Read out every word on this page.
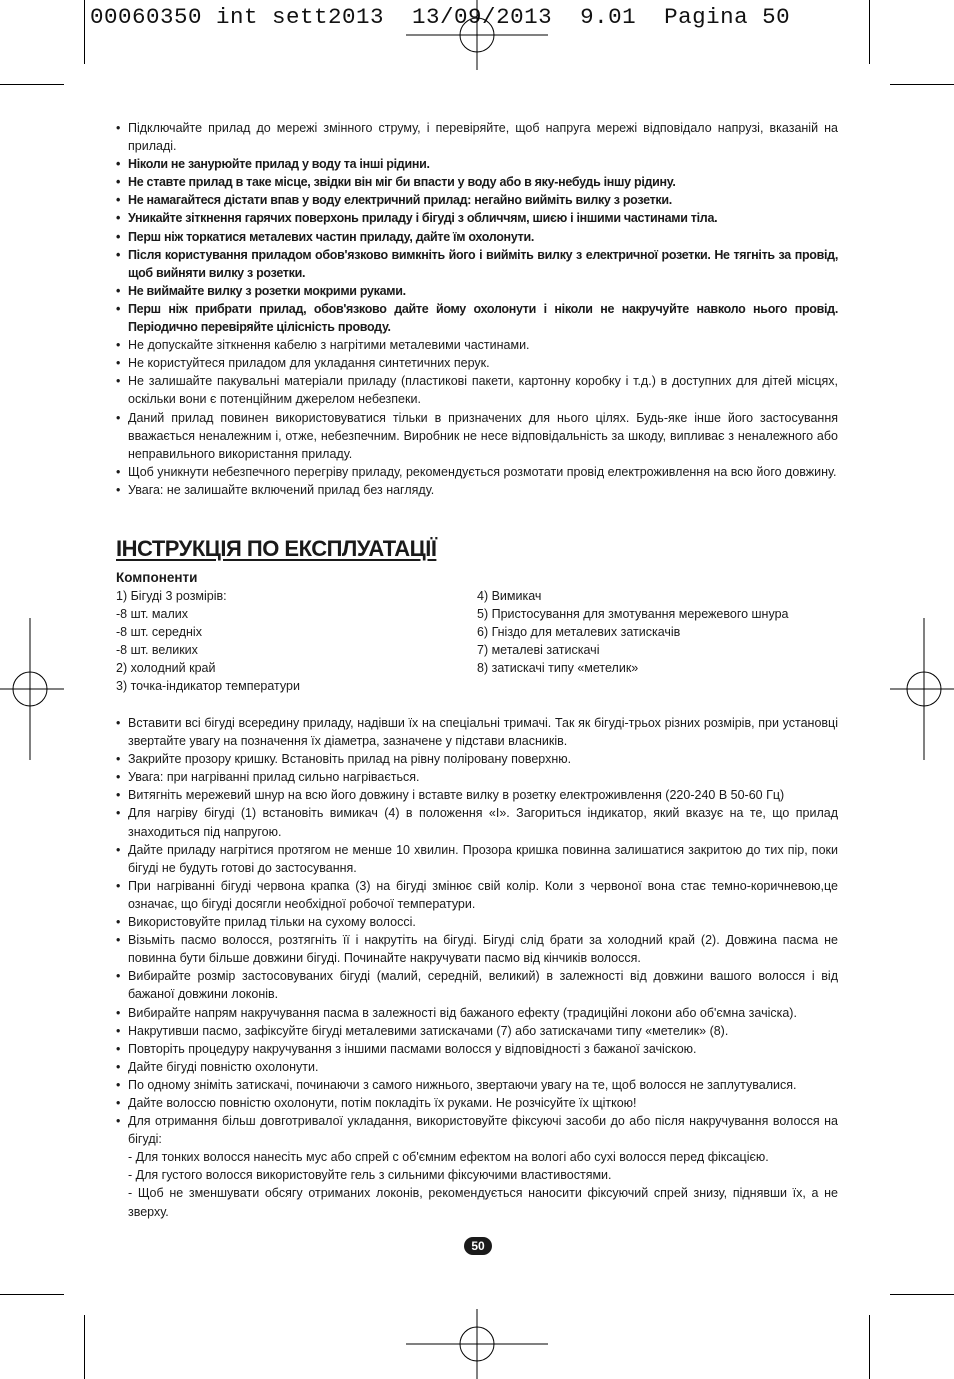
00060350 int sett2013  13/09/2013  9.01  Pagina 50
• Підключайте прилад до мережі змінного струму, і перевіряйте, щоб напруга мережі відповідало напрузі, вказаній на приладі.
• Ніколи не занурюйте прилад у воду та інші рідини.
• Не ставте прилад в таке місце, звідки він міг би впасти у воду або в яку-небудь іншу рідину.
• Не намагайтеся дістати впав у воду електричний прилад: негайно вийміть вилку з розетки.
• Уникайте зіткнення гарячих поверхонь приладу і бігуді з обличчям, шиєю і іншими частинами тіла.
• Перш ніж торкатися металевих частин приладу, дайте їм охолонути.
• Після користування приладом обов'язково вимкніть його і вийміть вилку з електричної розетки. Не тягніть за провід, щоб вийняти вилку з розетки.
• Не виймайте вилку з розетки мокрими руками.
• Перш ніж прибрати прилад, обов'язково дайте йому охолонути і ніколи не накручуйте навколо нього провід. Періодично перевіряйте цілісність проводу.
• Не допускайте зіткнення кабелю з нагрітими металевими частинами.
• Не користуйтеся приладом для укладання синтетичних перук.
• Не залишайте пакувальні матеріали приладу (пластикові пакети, картонну коробку і т.д.) в доступних для дітей місцях, оскільки вони є потенційним джерелом небезпеки.
• Даний прилад повинен використовуватися тільки в призначених для нього цілях. Будь-яке інше його застосування вважається неналежним і, отже, небезпечним. Виробник не несе відповідальність за шкоду, випливає з неналежного або неправильного використання приладу.
• Щоб уникнути небезпечного перегріву приладу, рекомендується розмотати провід електроживлення на всю його довжину.
• Увага: не залишайте включений прилад без нагляду.
ІНСТРУКЦІЯ ПО ЕКСПЛУАТАЦІЇ
Компоненти
1) Бігуді 3 розмірів:
-8 шт. малих
-8 шт. середніх
-8 шт. великих
2) холодний край
3) точка-індикатор температури
4) Вимикач
5) Пристосування для змотування мережевого шнура
6) Гніздо для металевих затискачів
7) металеві затискачі
8) затискачі типу «метелик»
• Вставити всі бігуді всередину приладу, надівши їх на спеціальні тримачі. Так як бігуді-трьох різних розмірів, при установці звертайте увагу на позначення їх діаметра, зазначене у підстави власників.
• Закрийте прозору кришку. Встановіть прилад на рівну поліровану поверхню.
• Увага: при нагріванні прилад сильно нагрівається.
• Витягніть мережевий шнур на всю його довжину і вставте вилку в розетку електроживлення (220-240 В 50-60 Гц)
• Для нагріву бігуді (1) встановіть вимикач (4) в положення «I». Загориться індикатор, який вказує на те, що прилад знаходиться під напругою.
• Дайте приладу нагрітися протягом не менше 10 хвилин. Прозора кришка повинна залишатися закритою до тих пір, поки бігуді не будуть готові до застосування.
• При нагріванні бігуді червона крапка (3) на бігуді змінює свій колір. Коли з червоної вона стає темно-коричневою,це означає, що бігуді досягли необхідної робочої температури.
• Використовуйте прилад тільки на сухому волоссі.
• Візьміть пасмо волосся, розтягніть її і накрутіть на бігуді. Бігуді слід брати за холодний край (2). Довжина пасма не повинна бути більше довжини бігуді. Починайте накручувати пасмо від кінчиків волосся.
• Вибирайте розмір застосовуваних бігуді (малий, середній, великий) в залежності від довжини вашого волосся і від бажаної довжини локонів.
• Вибирайте напрям накручування пасма в залежності від бажаного ефекту (традиційні локони або об'ємна зачіска).
• Накрутивши пасмо, зафіксуйте бігуді металевими затискачами (7) або затискачами типу «метелик» (8).
• Повторіть процедуру накручування з іншими пасмами волосся у відповідності з бажаної зачіскою.
• Дайте бігуді повністю охолонути.
• По одному зніміть затискачі, починаючи з самого нижнього, звертаючи увагу на те, щоб волосся не заплутувалися.
• Дайте волоссю повністю охолонути, потім покладіть їх руками. Не розчісуйте їх щіткою!
• Для отримання більш довготривалої укладання, використовуйте фіксуючі засоби до або після накручування волосся на бігуді:
- Для тонких волосся нанесіть мус або спрей с об'ємним ефектом на вологі або сухі волосся перед фіксацією.
- Для густого волосся використовуйте гель з сильними фіксуючими властивостями.
- Щоб не зменшувати обсягу отриманих локонів, рекомендується наносити фіксуючий спрей знизу, піднявши їх, а не зверху.
50
